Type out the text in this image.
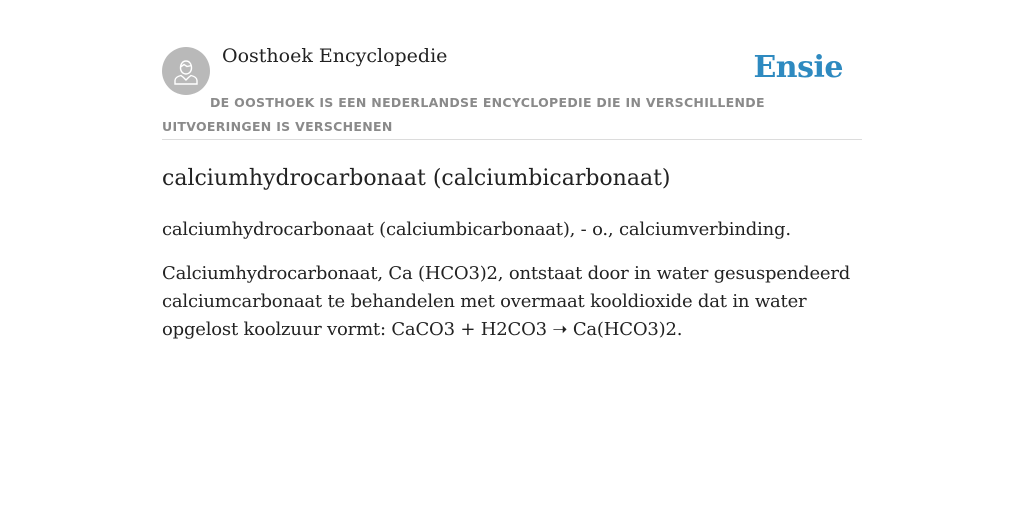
Oosthoek Encyclopedie	Ensie
DE OOSTHOEK IS EEN NEDERLANDSE ENCYCLOPEDIE DIE IN VERSCHILLENDE UITVOERINGEN IS VERSCHENEN
calciumhydrocarbonaat (calciumbicarbonaat)

calciumhydrocarbonaat (calciumbicarbonaat), - o., calciumverbinding.

Calciumhydrocarbonaat, Ca (HCO3)2, ontstaat door in water gesuspendeerd calciumcarbonaat te behandelen met overmaat kooldioxide dat in water opgelost koolzuur vormt: CaCO3 + H2CO3 ➝ Ca(HCO3)2.
